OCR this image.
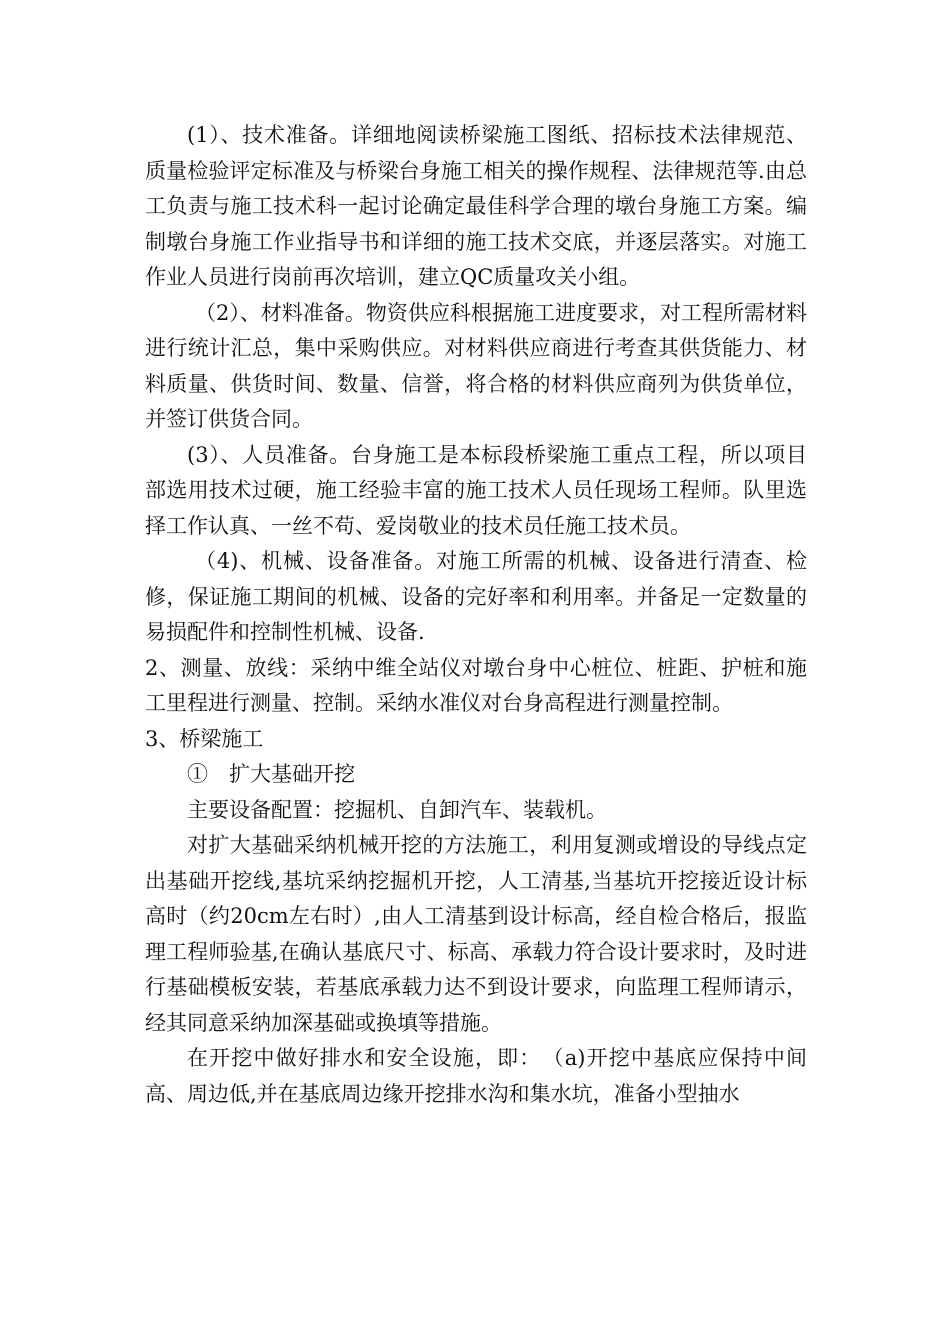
(1）、技术准备。详细地阅读桥梁施工图纸、招标技术法律规范、质量检验评定标准及与桥梁台身施工相关的操作规程、法律规范等.由总工负责与施工技术科一起讨论确定最佳科学合理的墩台身施工方案。编制墩台身施工作业指导书和详细的施工技术交底，并逐层落实。对施工作业人员进行岗前再次培训，建立QC质量攻关小组。

（2）、材料准备。物资供应科根据施工进度要求，对工程所需材料进行统计汇总，集中采购供应。对材料供应商进行考查其供货能力、材料质量、供货时间、数量、信誉，将合格的材料供应商列为供货单位，并签订供货合同。

(3）、人员准备。台身施工是本标段桥梁施工重点工程，所以项目部选用技术过硬，施工经验丰富的施工技术人员任现场工程师。队里选择工作认真、一丝不苟、爱岗敬业的技术员任施工技术员。

（4)、机械、设备准备。对施工所需的机械、设备进行清查、检修，保证施工期间的机械、设备的完好率和利用率。并备足一定数量的易损配件和控制性机械、设备.

2、测量、放线：采纳中维全站仪对墩台身中心桩位、桩距、护桩和施工里程进行测量、控制。采纳水准仪对台身高程进行测量控制。

3、桥梁施工

①　扩大基础开挖

主要设备配置：挖掘机、自卸汽车、装载机。

对扩大基础采纳机械开挖的方法施工，利用复测或增设的导线点定出基础开挖线,基坑采纳挖掘机开挖，人工清基,当基坑开挖接近设计标高时（约20cm左右时）,由人工清基到设计标高，经自检合格后，报监理工程师验基,在确认基底尺寸、标高、承载力符合设计要求时，及时进行基础模板安装，若基底承载力达不到设计要求，向监理工程师请示，经其同意采纳加深基础或换填等措施。

在开挖中做好排水和安全设施，即：　（a)开挖中基底应保持中间高、周边低,并在基底周边缘开挖排水沟和集水坑，准备小型抽水
